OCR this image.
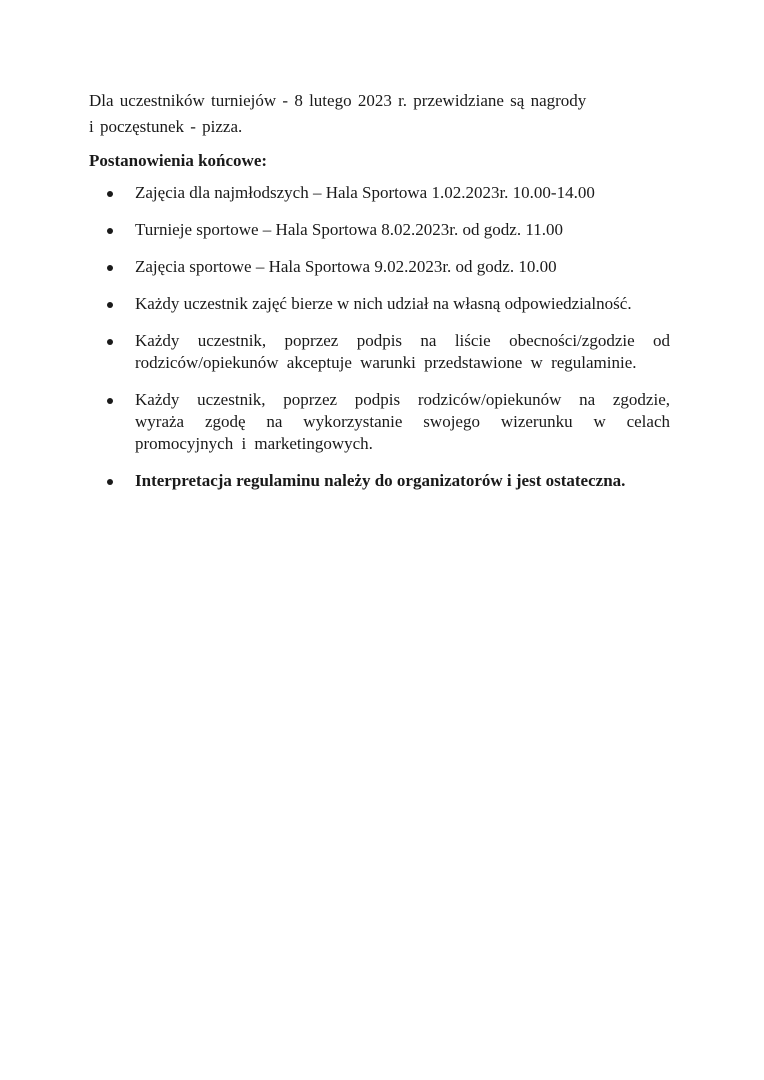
Dla uczestników turniejów - 8 lutego 2023 r. przewidziane są nagrody
i poczęstunek - pizza.

Postanowienia końcowe:
Zajęcia dla najmłodszych – Hala Sportowa 1.02.2023r. 10.00-14.00
Turnieje sportowe – Hala Sportowa 8.02.2023r. od godz. 11.00
Zajęcia sportowe – Hala Sportowa 9.02.2023r. od godz. 10.00
Każdy uczestnik zajęć bierze w nich udział na własną odpowiedzialność.
Każdy uczestnik, poprzez podpis na liście obecności/zgodzie od rodziców/opiekunów akceptuje warunki przedstawione w regulaminie.
Każdy uczestnik, poprzez podpis rodziców/opiekunów na zgodzie, wyraża zgodę na wykorzystanie swojego wizerunku w celach promocyjnych i marketingowych.
Interpretacja regulaminu należy do organizatorów i jest ostateczna.
